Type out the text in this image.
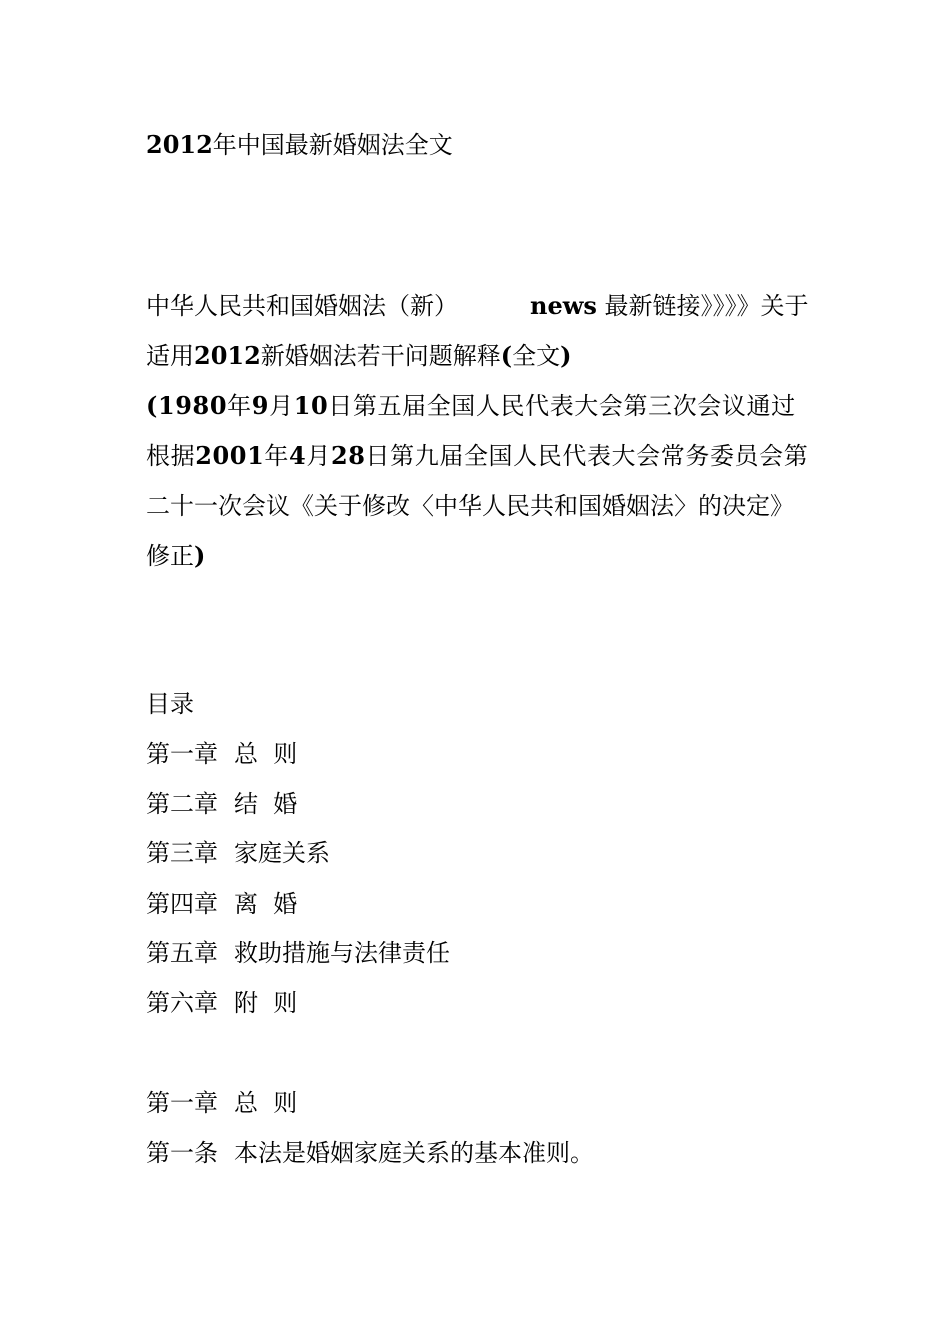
2012年中国最新婚姻法全文
中华人民共和国婚姻法（新）	news 最新链接》》》》关于
适用2012新婚姻法若干问题解释(全文)
(1980年9月10日第五届全国人民代表大会第三次会议通过
根据2001年4月28日第九届全国人民代表大会常务委员会第
二十一次会议《关于修改〈中华人民共和国婚姻法〉的决定》
修正)
目录
第一章 总  则
第二章 结  婚
第三章 家庭关系
第四章 离  婚
第五章 救助措施与法律责任
第六章 附  则
第一章 总  则
第一条 本法是婚姻家庭关系的基本准则。
